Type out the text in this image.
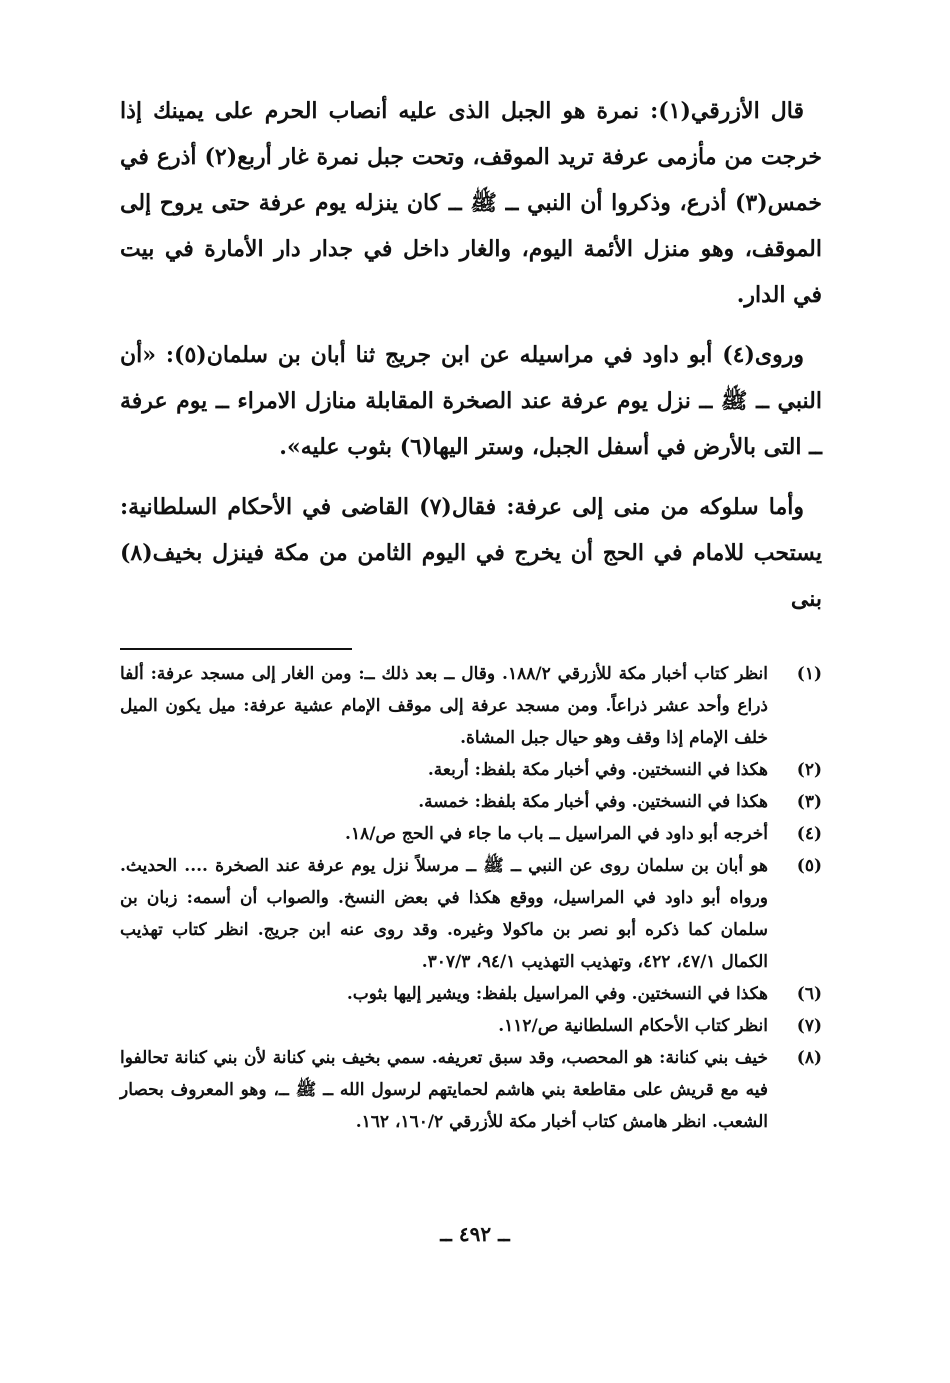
قال الأزرقي(١): نمرة هو الجبل الذى عليه أنصاب الحرم على يمينك إذا خرجت من مأزمى عرفة تريد الموقف، وتحت جبل نمرة غار أربع(٢) أذرع في خمس(٣) أذرع، وذكروا أن النبي ــ ﷺ ــ كان ينزله يوم عرفة حتى يروح إلى الموقف، وهو منزل الأئمة اليوم، والغار داخل في جدار دار الأمارة في بيت في الدار.

وروى(٤) أبو داود في مراسيله عن ابن جريج ثنا أبان بن سلمان(٥): «أن النبي ــ ﷺ ــ نزل يوم عرفة عند الصخرة المقابلة منازل الامراء ــ يوم عرفة ــ التى بالأرض في أسفل الجبل، وستر اليها(٦) بثوب عليه».

وأما سلوكه من منى إلى عرفة: فقال(٧) القاضى في الأحكام السلطانية: يستحب للامام في الحج أن يخرج في اليوم الثامن من مكة فينزل بخيف(٨) بنى

(١)
انظر كتاب أخبار مكة للأزرقي ١٨٨/٢. وقال ــ بعد ذلك ــ: ومن الغار إلى مسجد عرفة: ألفا ذراع وأحد عشر ذراعاً. ومن مسجد عرفة إلى موقف الإمام عشية عرفة: ميل يكون الميل خلف الإمام إذا وقف وهو حيال جبل المشاة.
(٢)
هكذا في النسختين. وفي أخبار مكة بلفظ: أربعة.
(٣)
هكذا في النسختين. وفي أخبار مكة بلفظ: خمسة.
(٤)
أخرجه أبو داود في المراسيل ــ باب ما جاء في الحج ص/١٨.
(٥)
هو أبان بن سلمان روى عن النبي ــ ﷺ ــ مرسلاً نزل يوم عرفة عند الصخرة .... الحديث. ورواه أبو داود في المراسيل، ووقع هكذا في بعض النسخ. والصواب أن أسمه: زبان بن سلمان كما ذكره أبو نصر بن ماكولا وغيره. وقد روى عنه ابن جريج. انظر كتاب تهذيب الكمال ٤٧/١، ٤٢٢، وتهذيب التهذيب ٩٤/١، ٣٠٧/٣.
(٦)
هكذا في النسختين. وفي المراسيل بلفظ: ويشير إليها بثوب.
(٧)
انظر كتاب الأحكام السلطانية ص/١١٢.
(٨)
خيف بني كنانة: هو المحصب، وقد سبق تعريفه. سمي بخيف بني كنانة لأن بني كنانة تحالفوا فيه مع قريش على مقاطعة بني هاشم لحمايتهم لرسول الله ــ ﷺ ــ، وهو المعروف بحصار الشعب. انظر هامش كتاب أخبار مكة للأزرقي ١٦٠/٢، ١٦٢.
ــ ٤٩٢ ــ
